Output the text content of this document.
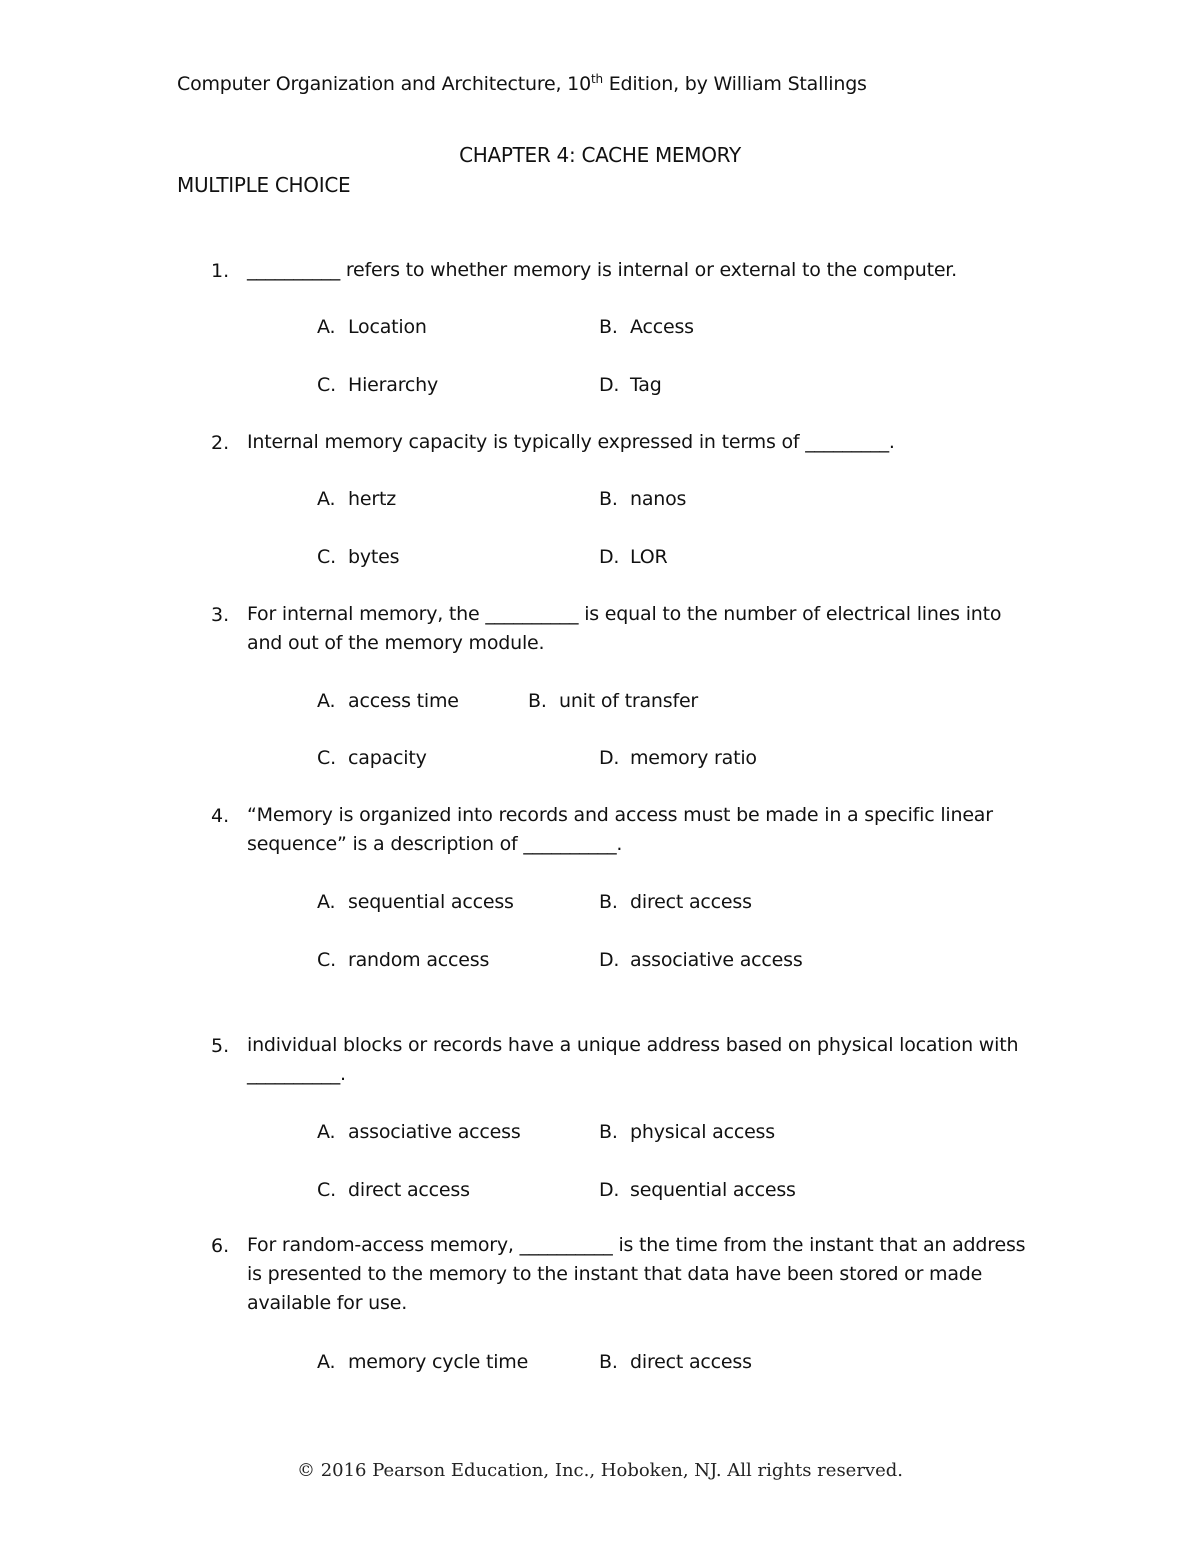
Computer Organization and Architecture, 10th Edition, by William Stallings
CHAPTER 4: CACHE MEMORY
MULTIPLE CHOICE
1. __________ refers to whether memory is internal or external to the computer.
A. Location	B. Access
C. Hierarchy	D. Tag
2. Internal memory capacity is typically expressed in terms of _________.
A. hertz	B. nanos
C. bytes	D. LOR
3. For internal memory, the __________ is equal to the number of electrical lines into and out of the memory module.
A. access time	B. unit of transfer
C. capacity	D. memory ratio
4. “Memory is organized into records and access must be made in a specific linear sequence” is a description of __________.
A. sequential access	B. direct access
C. random access	D. associative access
5. individual blocks or records have a unique address based on physical location with __________.
A. associative access	B. physical access
C. direct access	D. sequential access
6. For random-access memory, __________ is the time from the instant that an address is presented to the memory to the instant that data have been stored or made available for use.
A. memory cycle time	B. direct access
© 2016 Pearson Education, Inc., Hoboken, NJ. All rights reserved.
